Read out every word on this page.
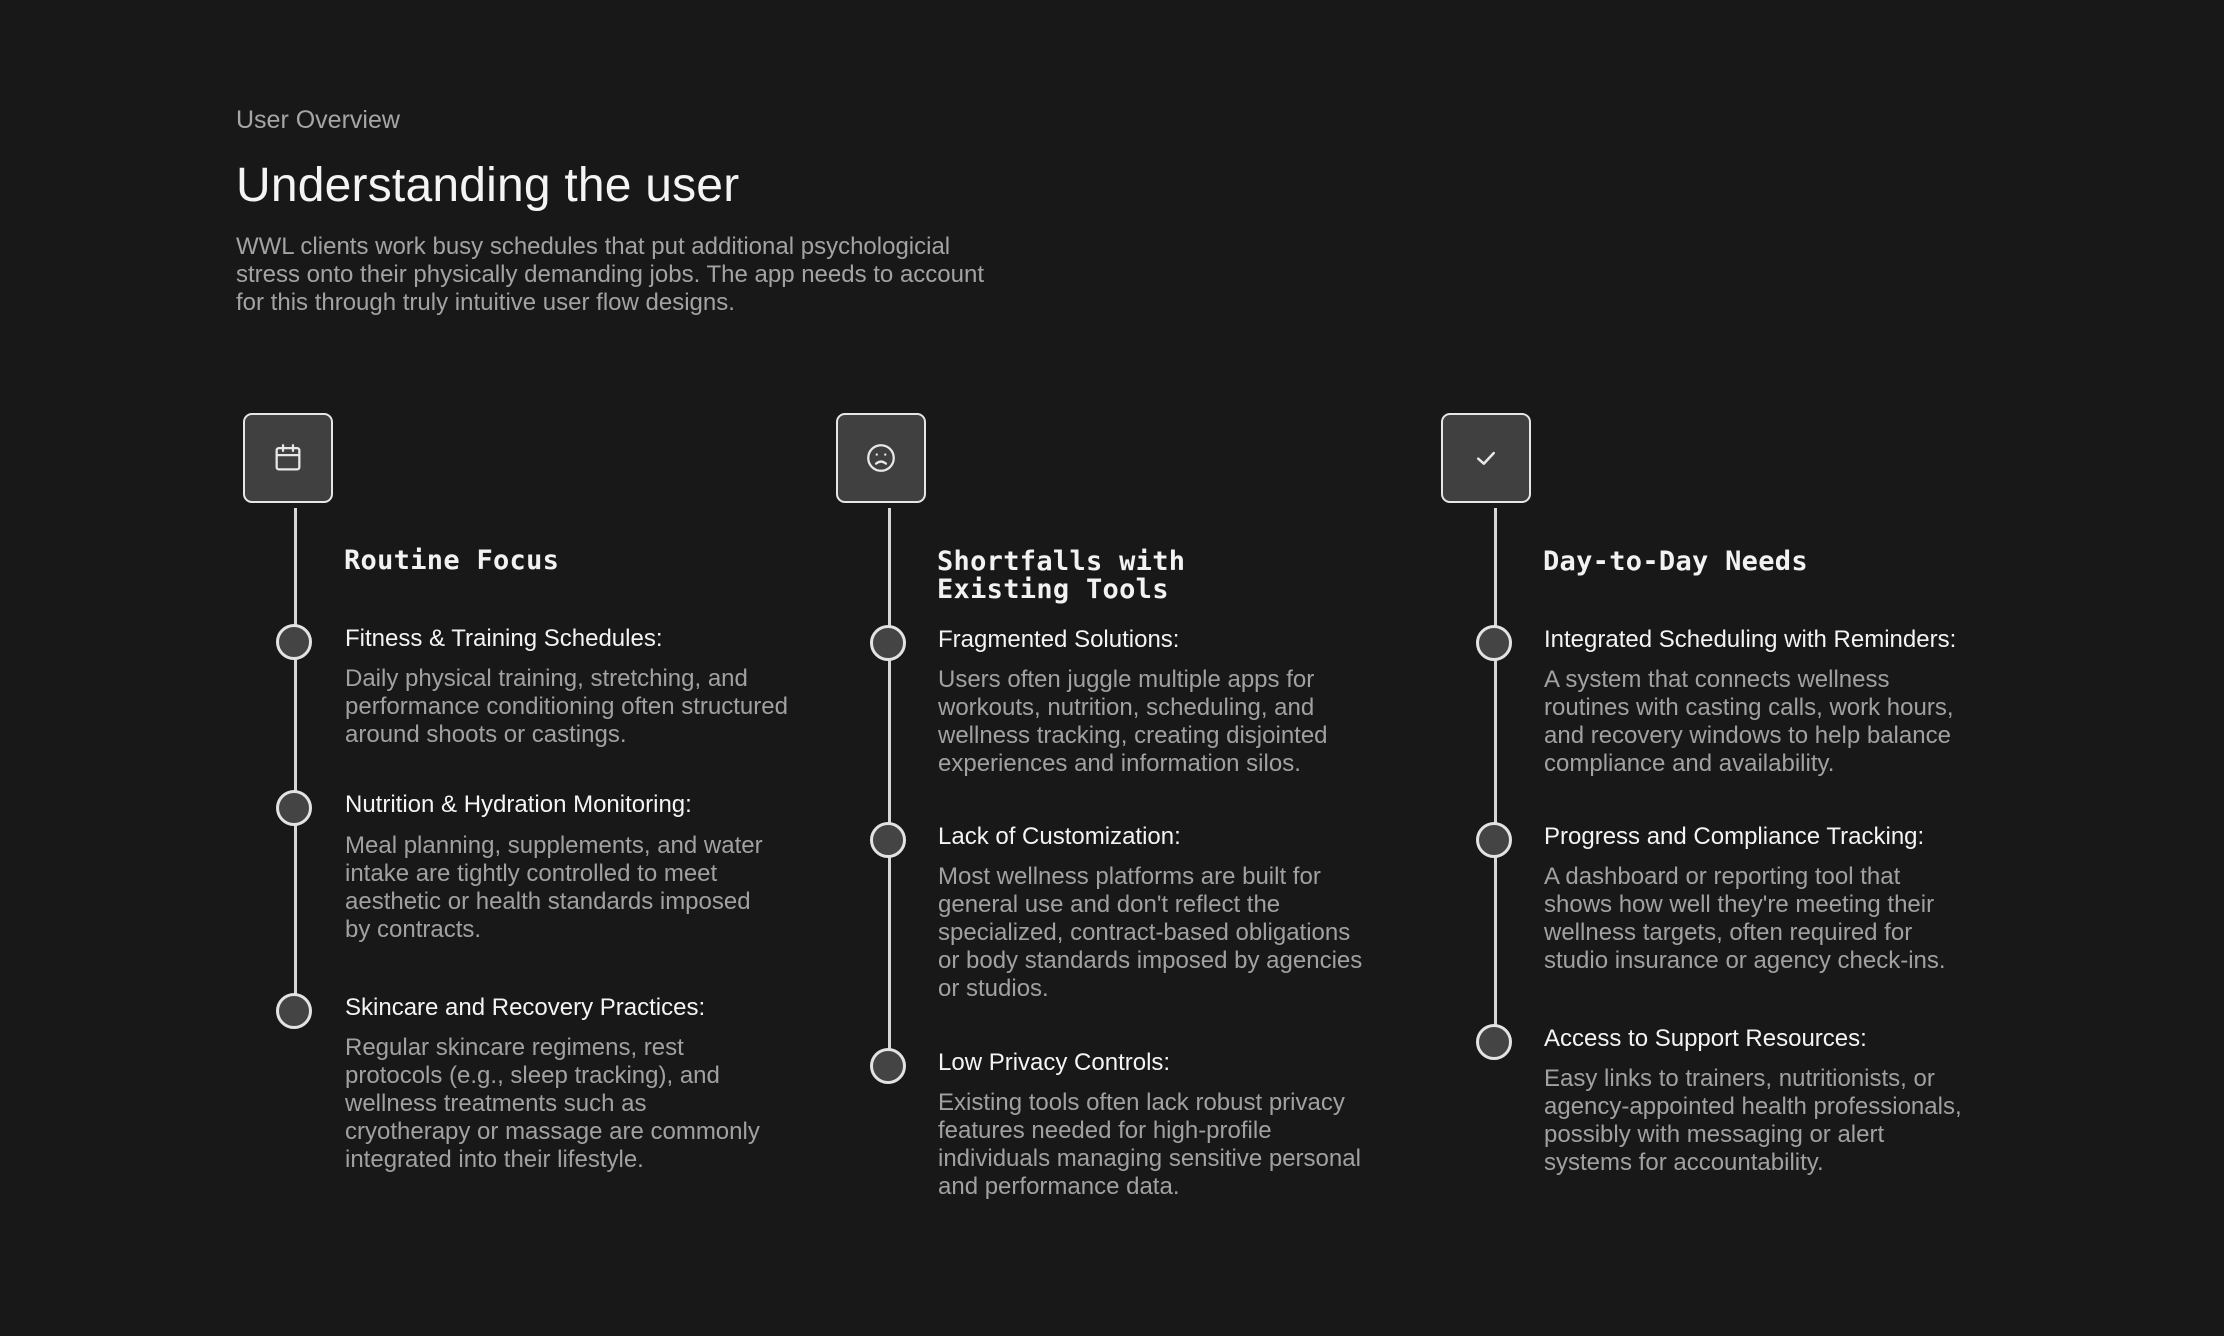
User Overview

Understanding the user

WWL clients work busy schedules that put additional psychologicial stress onto their physically demanding jobs. The app needs to account for this through truly intuitive user flow designs.

Routine Focus

Fitness & Training Schedules:

Daily physical training, stretching, and performance conditioning often structured around shoots or castings.

Nutrition & Hydration Monitoring:

Meal planning, supplements, and water intake are tightly controlled to meet aesthetic or health standards imposed by contracts.

Skincare and Recovery Practices:

Regular skincare regimens, rest protocols (e.g., sleep tracking), and wellness treatments such as cryotherapy or massage are commonly integrated into their lifestyle.

Shortfalls with Existing Tools

Fragmented Solutions:

Users often juggle multiple apps for workouts, nutrition, scheduling, and wellness tracking, creating disjointed experiences and information silos.

Lack of Customization:

Most wellness platforms are built for general use and don't reflect the specialized, contract-based obligations or body standards imposed by agencies or studios.

Low Privacy Controls:

Existing tools often lack robust privacy features needed for high-profile individuals managing sensitive personal and performance data.

Day-to-Day Needs

Integrated Scheduling with Reminders:

A system that connects wellness routines with casting calls, work hours, and recovery windows to help balance compliance and availability.

Progress and Compliance Tracking:

A dashboard or reporting tool that shows how well they're meeting their wellness targets, often required for studio insurance or agency check-ins.

Access to Support Resources:

Easy links to trainers, nutritionists, or agency-appointed health professionals, possibly with messaging or alert systems for accountability.
